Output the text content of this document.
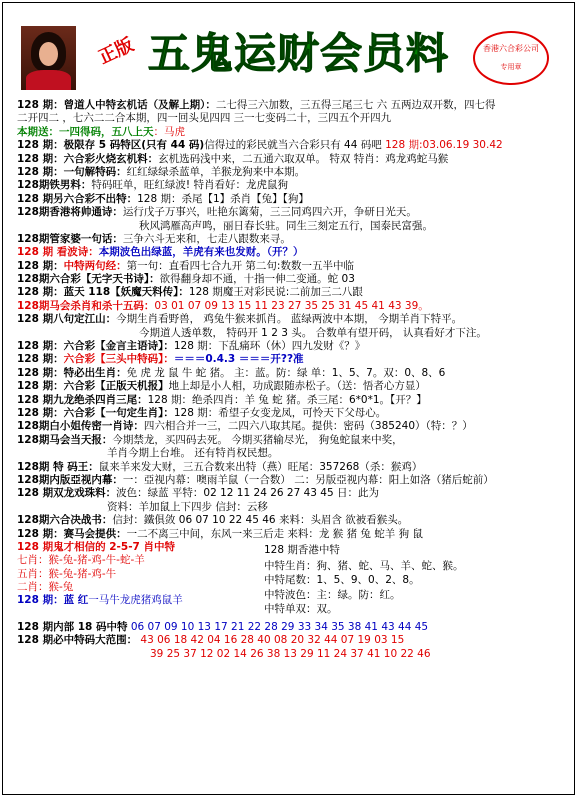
正版 五鬼运财会员料	香港六合彩公司
专用章
128 期：曾道人中特玄机话（及解上期）：二七得三六加数，三五得三尾三七 六 五两边双开数，四七得
二开四二 ，七六二二合本期，四一回头见四四 三一七变码二十，三四五个开四九
本期送：一四得码，五八上天：马虎
128 期：极限存 5 码特区(只有 44 码)信得过的彩民就当六合彩只有 44 码吧 128 期:03.06.19 30.42
128 期：六合彩火烧玄机料：玄机选码浅中来，二五通六取双单。 特双 特肖：鸡龙鸡蛇马猴
128 期：一句解特码：红红绿绿杀蓝单，羊猴龙狗来中本期。
128期铁男料：特码旺单，旺红绿波! 特肖看好：龙虎鼠狗
128 期另六合彩不出特：128 期：杀尾【1】杀肖【兔】【狗】
128期香港将帅通诗：运行戊子万事兴，吐艳东篱菊，三三同鸡四六开，争研日光天。
秋风鸿雁高声鸣，丽日春长驻。同生三刻定五行，国泰民富强。
128期管家婆一句话：三争六斗无来和，七走八跟数来寻。
128 期 看波诗：本期波色出绿蓝，羊虎有来也发财。（开？）
128 期：中特两句经：第一句：直看四七合九开 第二句:数数一五半中临
128期六合彩【无字天书诗】：欲得翻身却不通，十指一伸二变通。蛇 03
128 期：蓝天 118【妖魔天料传】：128 期魔王对彩民说:二前加三二八跟
128期马会杀肖和杀十五码：03 01 07 09 13 15 11 23 27 35 25 31 45 41 43 39。
128 期八句定江山：今期生肖看野兽， 鸡兔牛猴来抓肖。 蓝绿两波中本期， 今期羊肖下特平。
今期道人透单数， 特码开 1 2 3 头。 合数单有望开码， 认真看好才下注。
128 期：六合彩【金言主语诗】：128 期：下乱痛环（休）四九发财《？》
128 期：六合彩【三头中特码】：＝＝＝0.4.3 ＝＝＝开??准
128 期：特必出生肖：免 虎 龙 鼠 牛 蛇 猪。 主：蓝。防：绿 单：1、5、7。双：0、8、6
128 期：六合彩【正版天机报】地上却是小人相，功成跟随赤松子。（送：悟者心方显）
128 期九龙绝杀四肖三尾：128 期：绝杀四肖：羊 兔 蛇 猪。杀三尾：6*0*1。【开？】
128 期：六合彩【一句定生肖】：128 期：希望子女变龙凤，可怜天下父母心。
128期白小姐传密一肖诗：四六相合并一三，二四六八取其尾。提供：密码（385240）（特：？）
128期马会当天报：今期禁龙，买四码去死。 今期买猪输尽光， 狗兔蛇鼠来中奖，
羊肖今期上台堆。 还有特肖权民想。
128期 特 码王：鼠来羊来发大财，三五合数来出特（燕）旺尾：357268（杀：猴鸡）
128期内版亞视内幕：一：亞视内幕：噢雨羊鼠（一合数） 二：另版亞视内幕：阳上如洛（猪后蛇前）
128 期双龙戏珠料：波色：绿蓝 平特：02 12 11 24 26 27 43 45 日：此为
资料：羊加鼠上下四步 信封：云移
128期六合决战书：信封：鐵俱敛 06 07 10 22 45 46 来料：头眉含 欲被看猴头。
128 期：赛马会提供：一二不离三中间，东风一来三后走 来料：龙 猴 猪 兔 蛇羊 狗 鼠
128 期鬼才相信的 2-5-7 肖中特
七肖：猴-兔-猪-鸡-牛-蛇-羊
五肖：猴-兔-猪-鸡-牛
二肖：猴-兔
128 期：蓝 红一马牛龙虎猪鸡鼠羊
128 期香港中特
中特生肖：狗、猪、蛇、马、羊、蛇、猴。
中特尾数：1、5、9、0、2、8。
中特波色：主：绿。防：红。
中特单双：双。
128 期内部 18 码中特 06 07 09 10 13 17 21 22 28 29 33 34 35 38 41 43 44 45
128 期必中特码大范围： 43 06 18 42 04 16 28 40 08 20 32 44 07 19 03 15
39 25 37 12 02 14 26 38 13 29 11 24 37 41 10 22 46
